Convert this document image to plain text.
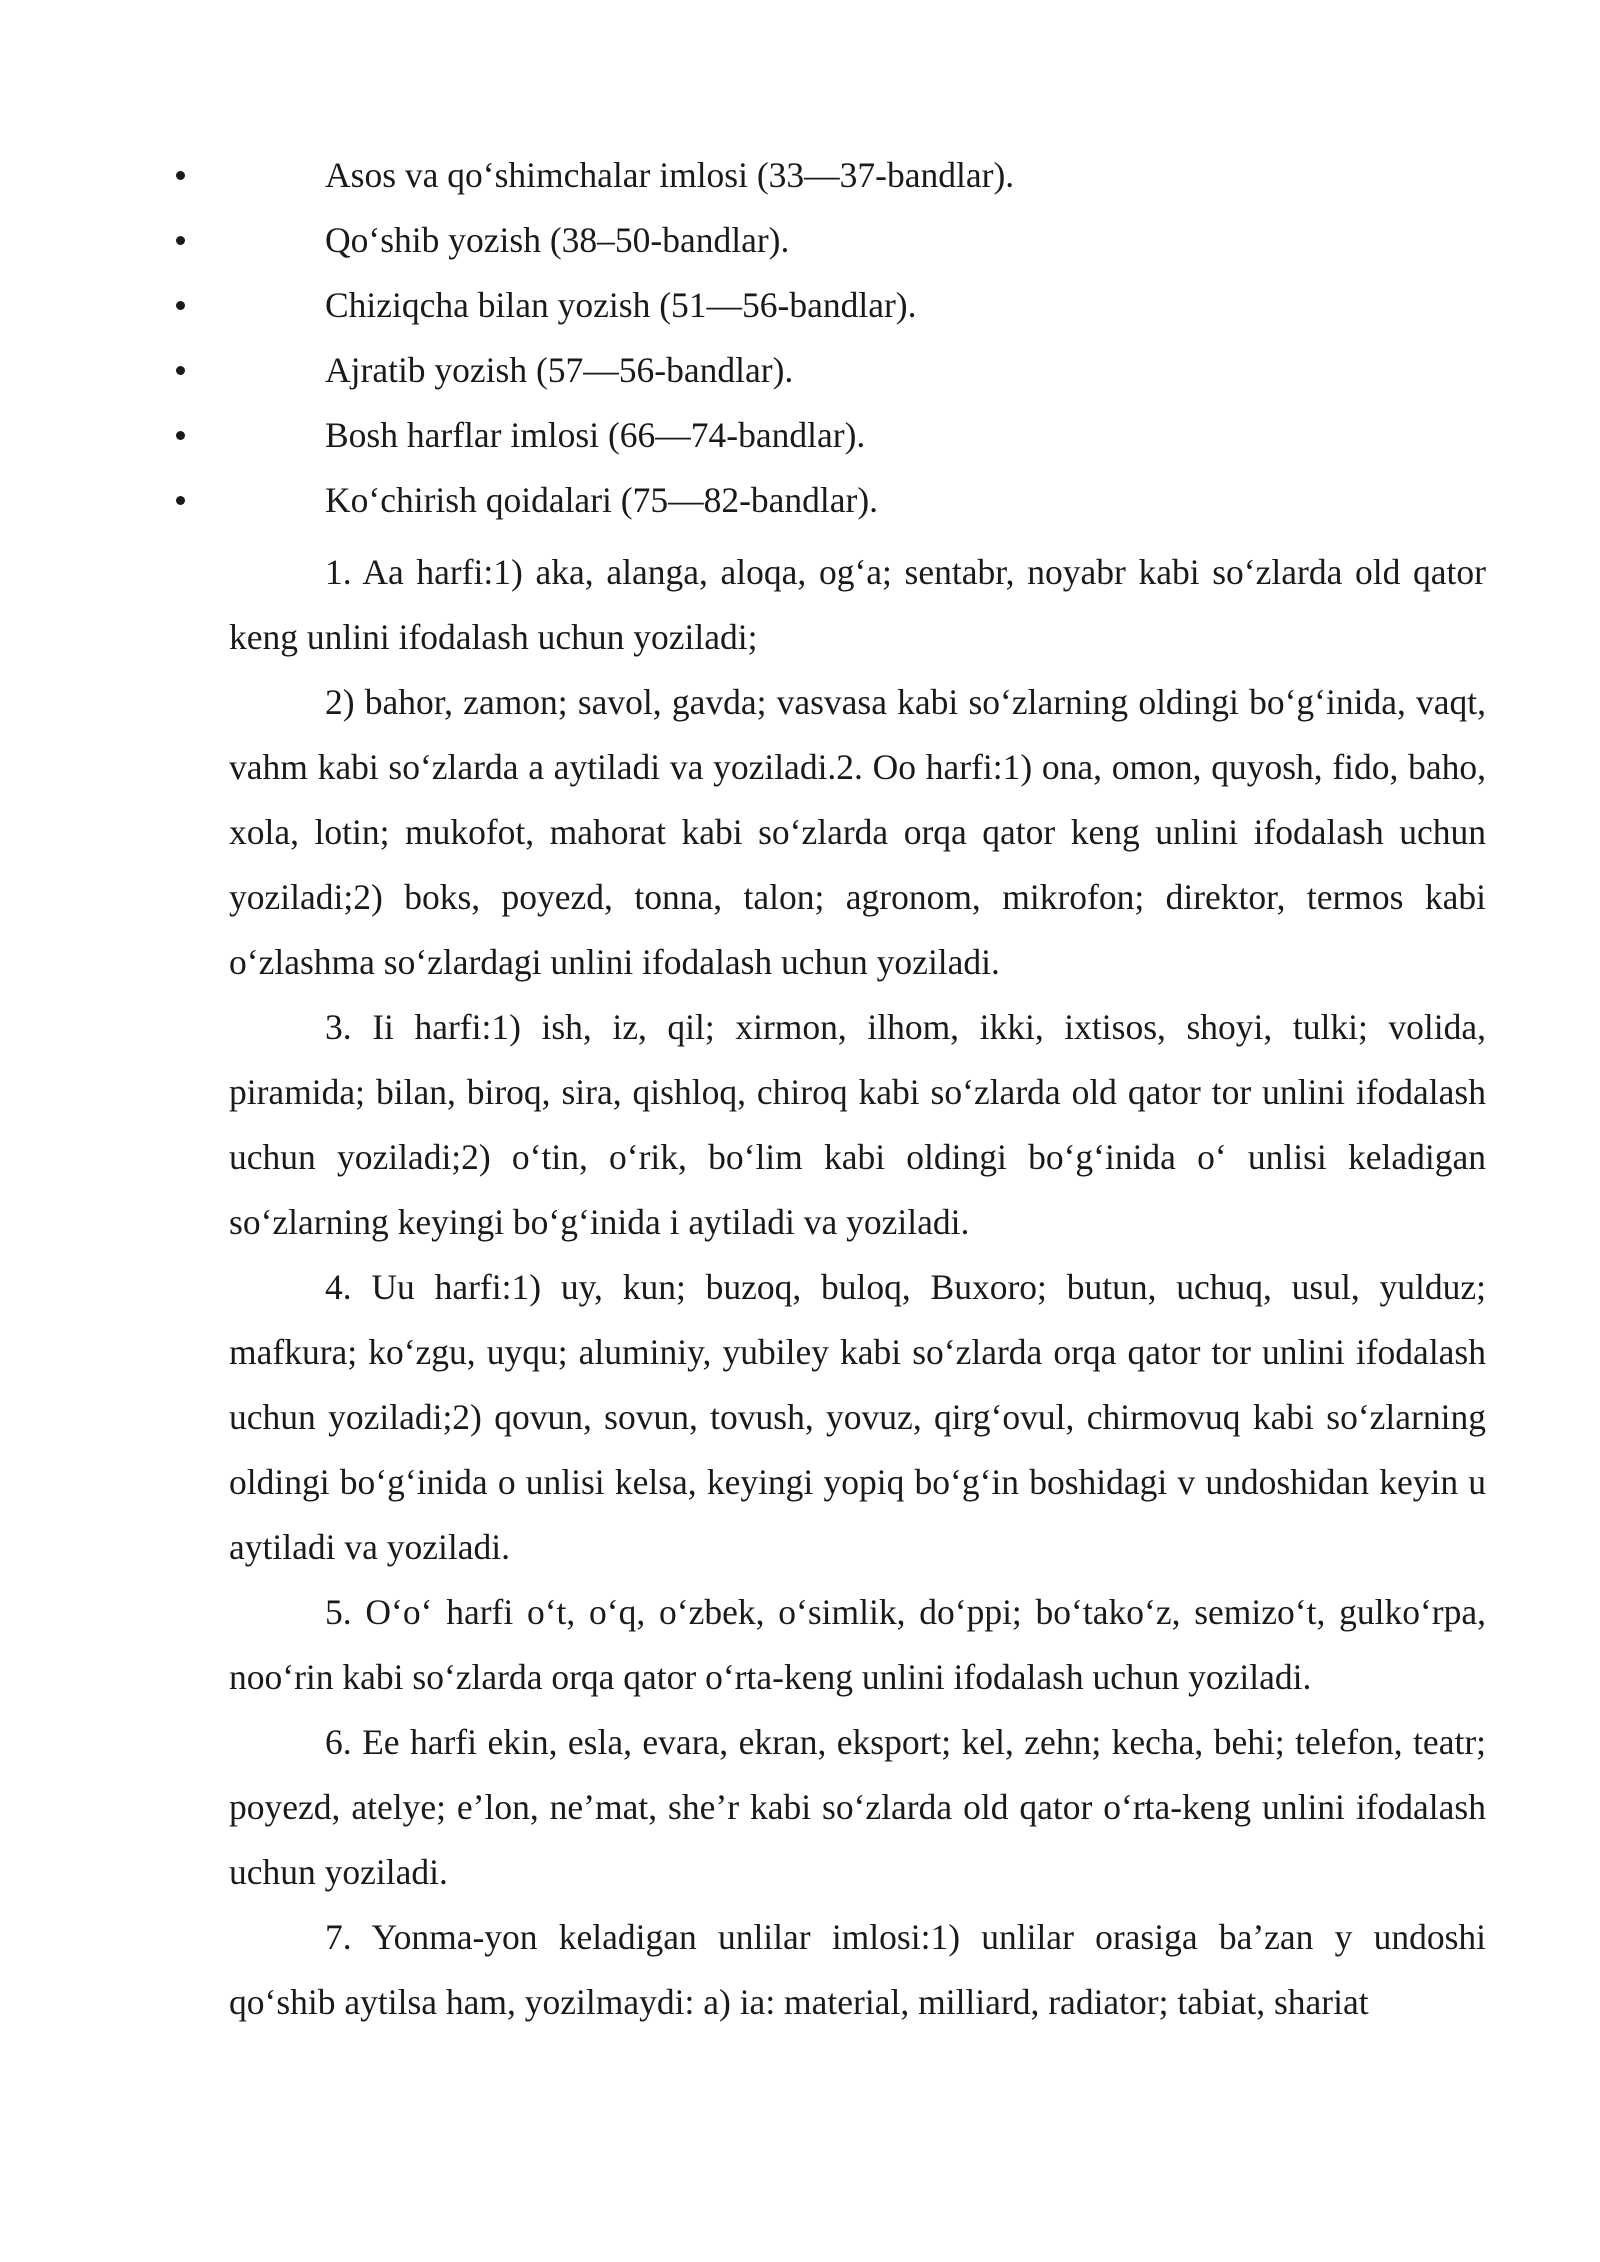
Asos va qo‘shimchalar imlosi (33—37-bandlar).
Qo‘shib yozish (38–50-bandlar).
Chiziqcha bilan yozish (51—56-bandlar).
Ajratib yozish (57—56-bandlar).
Bosh harflar imlosi (66—74-bandlar).
Ko‘chirish qoidalari (75—82-bandlar).

1. Aa harfi:1) aka, alanga, aloqa, og‘a; sentabr, noyabr kabi so‘zlarda old qator keng unlini ifodalash uchun yoziladi;

2) bahor, zamon; savol, gavda; vasvasa kabi so‘zlarning oldingi bo‘g‘inida, vaqt, vahm kabi so‘zlarda a aytiladi va yoziladi.2. Oo harfi:1) ona, omon, quyosh, fido, baho, xola, lotin; mukofot, mahorat kabi so‘zlarda orqa qator keng unlini ifodalash uchun yoziladi;2) boks, poyezd, tonna, talon; agronom, mikrofon; direktor, termos kabi o‘zlashma so‘zlardagi unlini ifodalash uchun yoziladi.

3. Ii harfi:1) ish, iz, qil; xirmon, ilhom, ikki, ixtisos, shoyi, tulki; volida, piramida; bilan, biroq, sira, qishloq, chiroq kabi so‘zlarda old qator tor unlini ifodalash uchun yoziladi;2) o‘tin, o‘rik, bo‘lim kabi oldingi bo‘g‘inida o‘ unlisi keladigan so‘zlarning keyingi bo‘g‘inida i aytiladi va yoziladi.

4. Uu harfi:1) uy, kun; buzoq, buloq, Buxoro; butun, uchuq, usul, yulduz; mafkura; ko‘zgu, uyqu; aluminiy, yubiley kabi so‘zlarda orqa qator tor unlini ifodalash uchun yoziladi;2) qovun, sovun, tovush, yovuz, qirg‘ovul, chirmovuq kabi so‘zlarning oldingi bo‘g‘inida o unlisi kelsa, keyingi yopiq bo‘g‘in boshidagi v undoshidan keyin u aytiladi va yoziladi.

5. O‘o‘ harfi o‘t, o‘q, o‘zbek, o‘simlik, do‘ppi; bo‘tako‘z, semizo‘t, gulko‘rpa, noo‘rin kabi so‘zlarda orqa qator o‘rta-keng unlini ifodalash uchun yoziladi.

6. Ee harfi ekin, esla, evara, ekran, eksport; kel, zehn; kecha, behi; telefon, teatr; poyezd, atelye; e’lon, ne’mat, she’r kabi so‘zlarda old qator o‘rta-keng unlini ifodalash uchun yoziladi.

7. Yonma-yon keladigan unlilar imlosi:1) unlilar orasiga ba’zan y undoshi qo‘shib aytilsa ham, yozilmaydi: a) ia: material, milliard, radiator; tabiat, shariat
